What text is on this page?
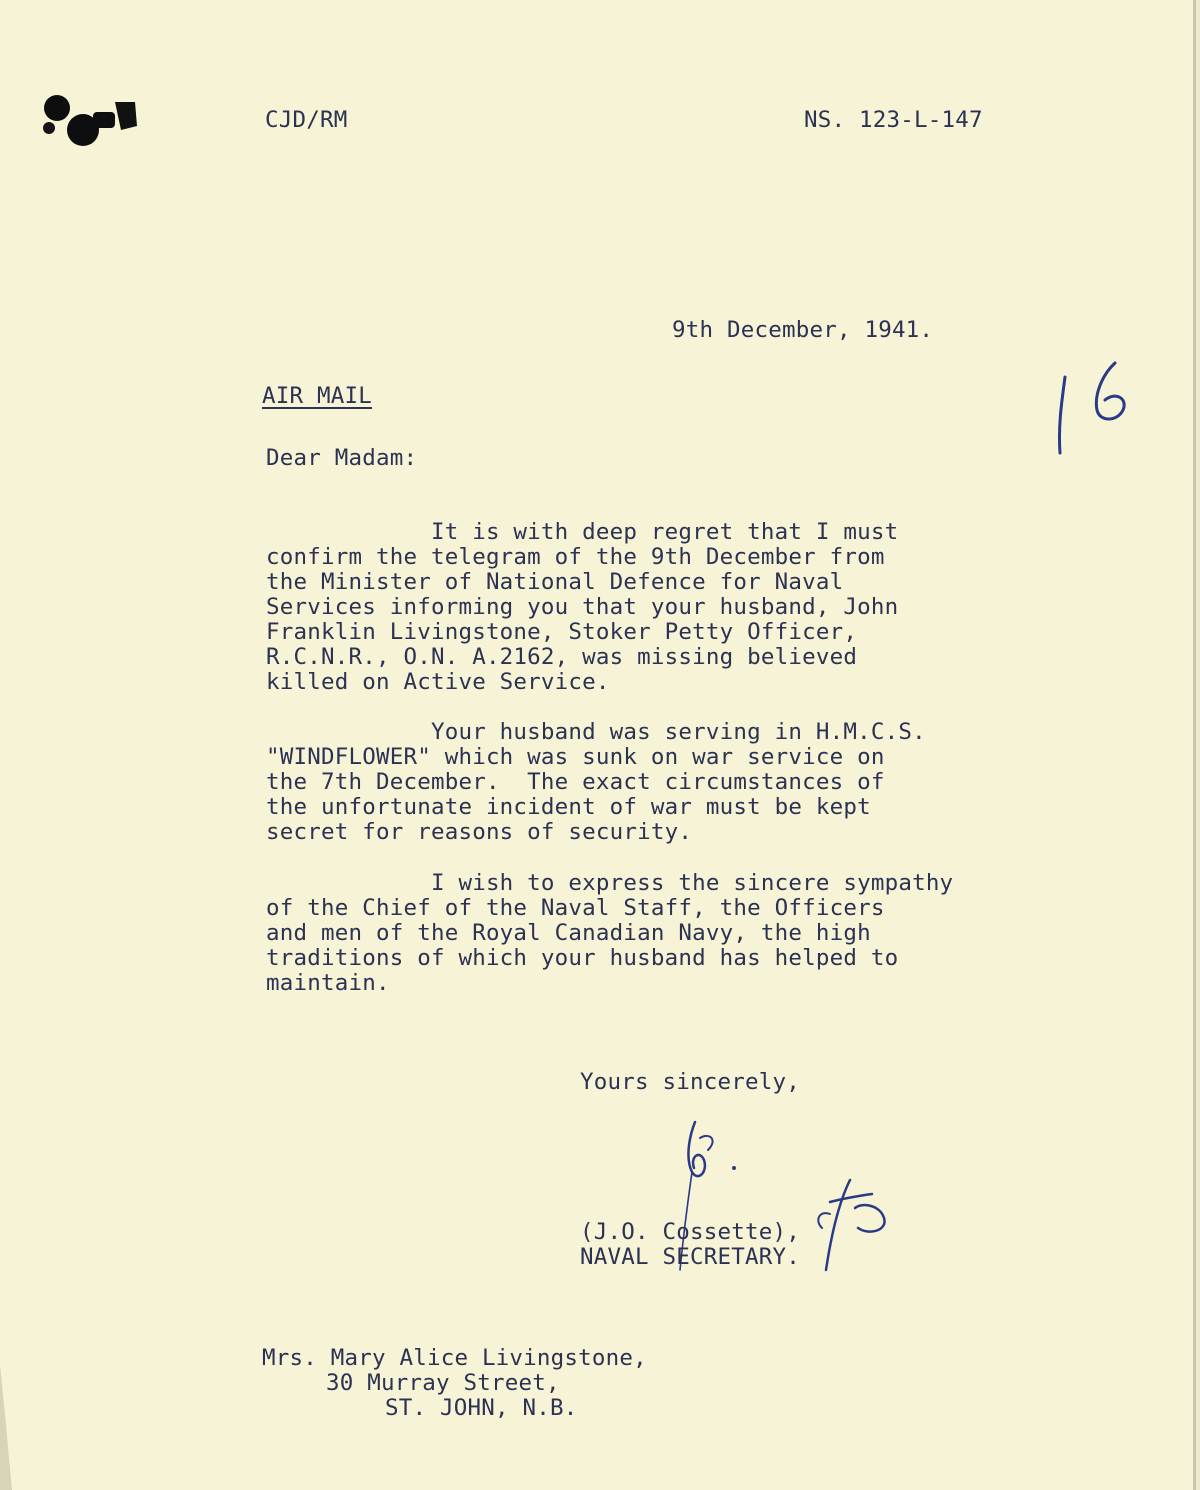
CJD/RM	NS. 123-L-147
9th December, 1941.
AIR MAIL
Dear Madam:
It is with deep regret that I must
confirm the telegram of the 9th December from
the Minister of National Defence for Naval
Services informing you that your husband, John
Franklin Livingstone, Stoker Petty Officer,
R.C.N.R., O.N. A.2162, was missing believed
killed on Active Service.
Your husband was serving in H.M.C.S.
"WINDFLOWER" which was sunk on war service on
the 7th December.  The exact circumstances of
the unfortunate incident of war must be kept
secret for reasons of security.
I wish to express the sincere sympathy
of the Chief of the Naval Staff, the Officers
and men of the Royal Canadian Navy, the high
traditions of which your husband has helped to
maintain.
Yours sincerely,
(J.O. Cossette),
NAVAL SECRETARY.
Mrs. Mary Alice Livingstone,
30 Murray Street,
ST. JOHN, N.B.
